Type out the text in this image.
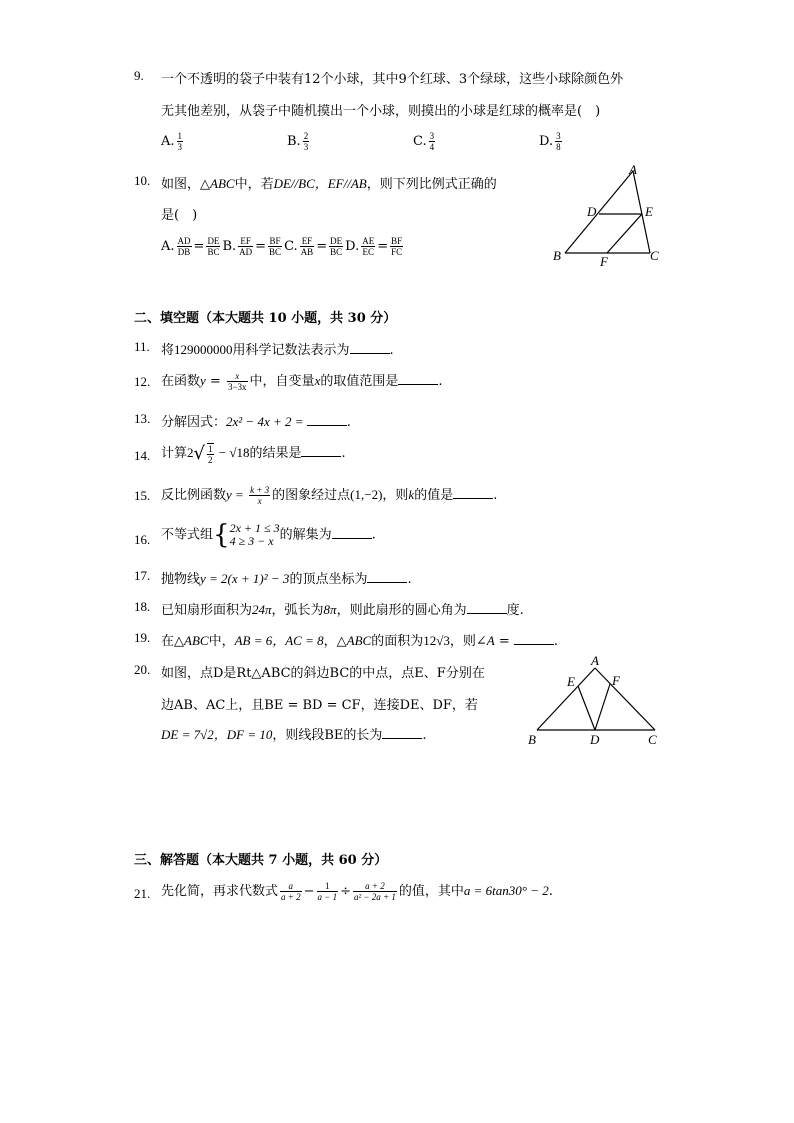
9. 一个不透明的袋子中装有12个小球，其中9个红球、3个绿球，这些小球除颜色外
无其他差别，从袋子中随机摸出一个小球，则摸出的小球是红球的概率是(　)
A. $\frac{1}{3}$	B. $\frac{2}{3}$	C. $\frac{3}{4}$	D. $\frac{3}{8}$
10. 如图，△ABC中，若DE//BC，EF//AB，则下列比例式正确的
是(　)
A. $\frac{AD}{DB} = \frac{DE}{BC} B$. $\frac{EF}{AD} = \frac{BF}{BC} C$. $\frac{EF}{AB} = \frac{DE}{BC} D$. $\frac{AE}{EC} = \frac{BF}{FC}$
A
B	C
D	E
F
二、填空题（本大题共 10 小题，共 30 分）
11. 将129000000用科学记数法表示为	.
12. 在函数$y = \frac{x}{3-3x}$ 中，自变量x的取值范围是	.
13. 分解因式：2x² − 4x + 2 =	.
14. 计算$2√ \frac{1}{2} - √18$的结果是	.
15. 反比例函数$y = \frac{k + 3}{x}$ 的图象经过点(1,−2)，则k的值是	.
16. 不等式组{ 2x + 1 ≤ 3
4 ≥ 3 − x 的解集为	.
17. 抛物线y = 2(x + 1)² − 3的顶点坐标为	.
18. 已知扇形面积为24π，弧长为8π，则此扇形的圆心角为	度.
19. 在△ABC中，AB = 6，AC = 8，△ABC的面积为12√3，则∠A =	.
20. 如图，点D是Rt△ABC的斜边BC的中点，点E、F分别在
边AB、AC上，且BE = BD = CF，连接DE、DF，若
DE = 7√2，DF = 10，则线段BE的长为	.
A
B	C
D
E	F
三、解答题（本大题共 7 小题，共 60 分）
21. 先化简，再求代数式 $\frac{a}{a + 2} - \frac{1}{a - 1} \div \frac{a + 2}{\text{a² − 2a + 1}}$ 的值，其中a = 6tan30° − 2.
